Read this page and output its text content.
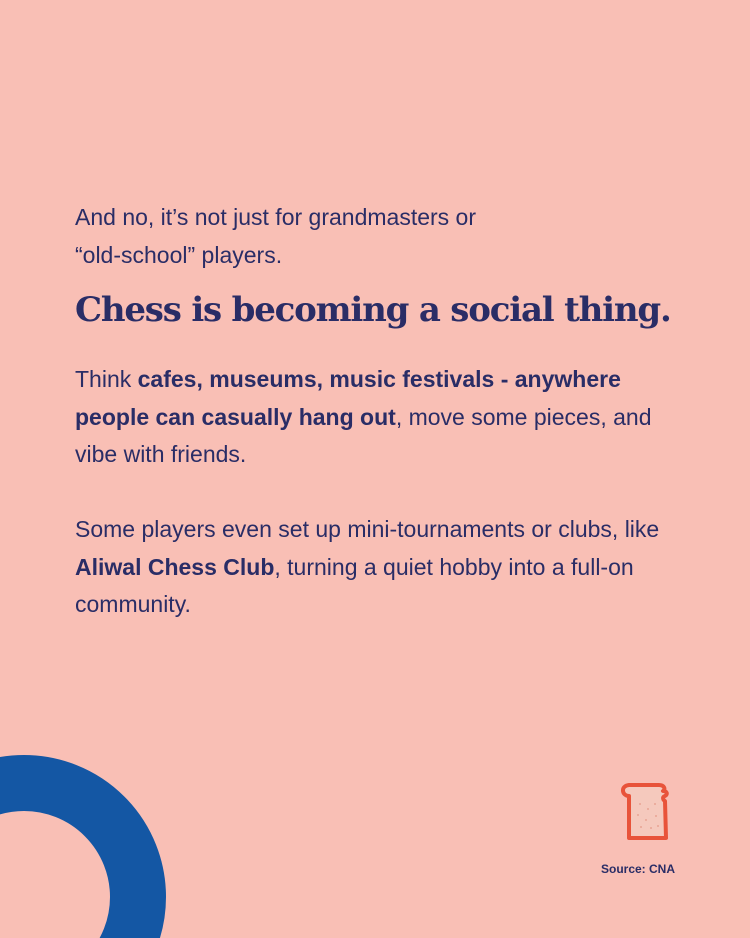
And no, it’s not just for grandmasters or
“old-school” players.
Chess is becoming a social thing.
Think cafes, museums, music festivals - anywhere people can casually hang out, move some pieces, and vibe with friends.
Some players even set up mini-tournaments or clubs, like Aliwal Chess Club, turning a quiet hobby into a full-on community.
Source: CNA
